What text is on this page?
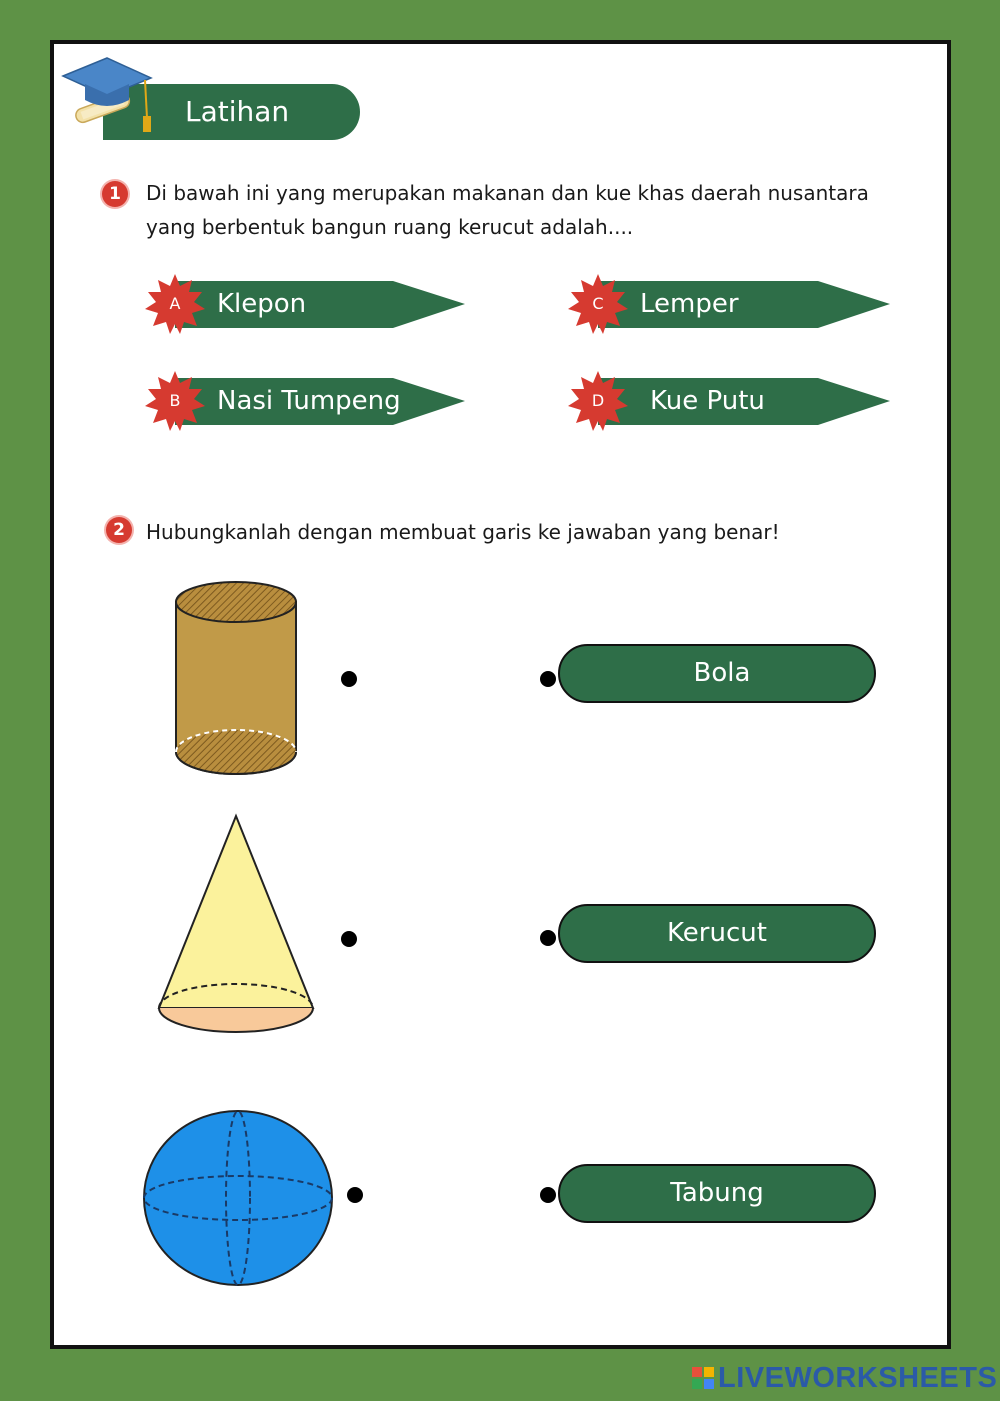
Latihan
1	Di bawah ini yang merupakan makanan dan kue khas daerah nusantara
yang berbentuk bangun ruang kerucut adalah....
A	Klepon
B	Nasi Tumpeng
C	Lemper
D	Kue Putu
2	Hubungkanlah dengan membuat garis ke jawaban yang benar!
Bola
Kerucut
Tabung
LIVEWORKSHEETS
